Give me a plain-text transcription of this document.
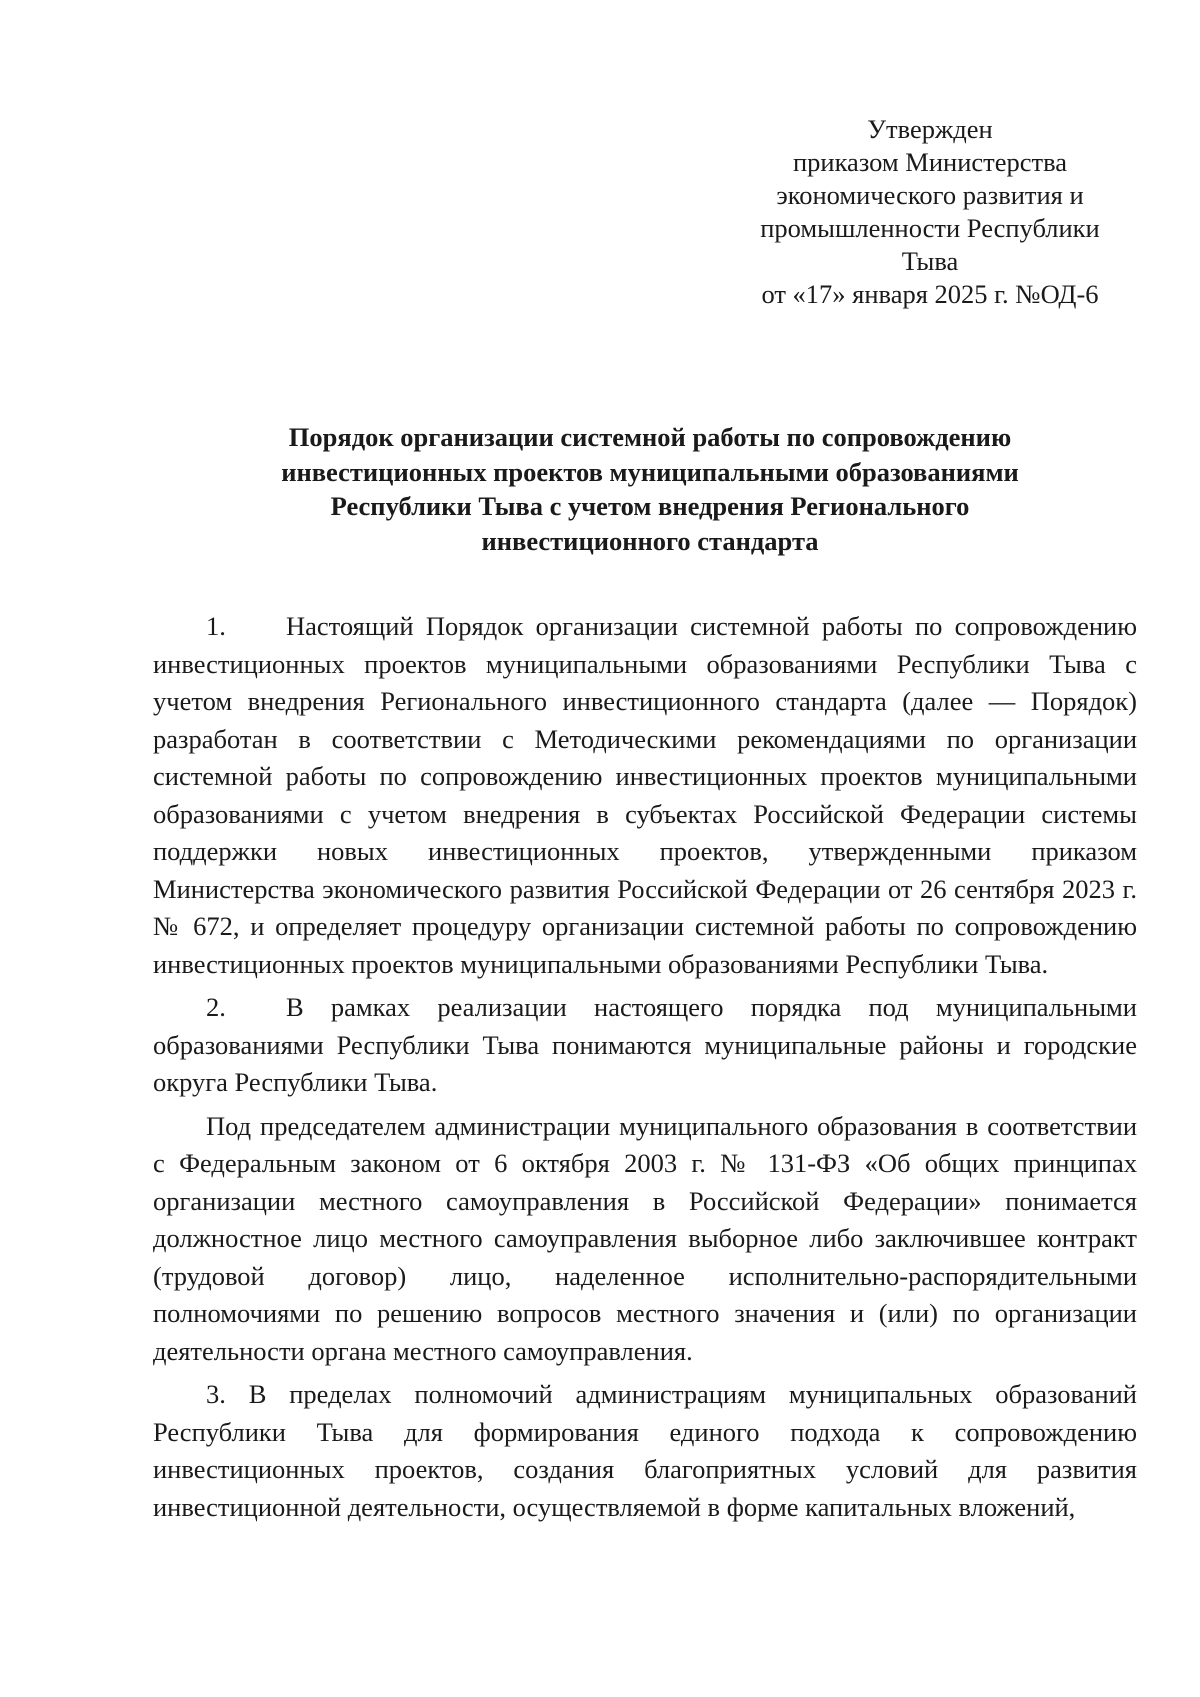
Утвержден
приказом Министерства
экономического развития и
промышленности Республики
Тыва
от «17» января 2025 г. №ОД-6
Порядок организации системной работы по сопровождению
инвестиционных проектов муниципальными образованиями
Республики Тыва с учетом внедрения Регионального
инвестиционного стандарта

1. Настоящий Порядок организации системной работы по сопровождению инвестиционных проектов муниципальными образованиями Республики Тыва с учетом внедрения Регионального инвестиционного стандарта (далее — Порядок) разработан в соответствии с Методическими рекомендациями по организации системной работы по сопровождению инвестиционных проектов муниципальными образованиями с учетом внедрения в субъектах Российской Федерации системы поддержки новых инвестиционных проектов, утвержденными приказом Министерства экономического развития Российской Федерации от 26 сентября 2023 г. № 672, и определяет процедуру организации системной работы по сопровождению инвестиционных проектов муниципальными образованиями Республики Тыва.

2. В рамках реализации настоящего порядка под муниципальными образованиями Республики Тыва понимаются муниципальные районы и городские округа Республики Тыва.

Под председателем администрации муниципального образования в соответствии с Федеральным законом от 6 октября 2003 г. № 131-ФЗ «Об общих принципах организации местного самоуправления в Российской Федерации» понимается должностное лицо местного самоуправления выборное либо заключившее контракт (трудовой договор) лицо, наделенное исполнительно-распорядительными полномочиями по решению вопросов местного значения и (или) по организации деятельности органа местного самоуправления.

3. В пределах полномочий администрациям муниципальных образований Республики Тыва для формирования единого подхода к сопровождению инвестиционных проектов, создания благоприятных условий для развития инвестиционной деятельности, осуществляемой в форме капитальных вложений,
